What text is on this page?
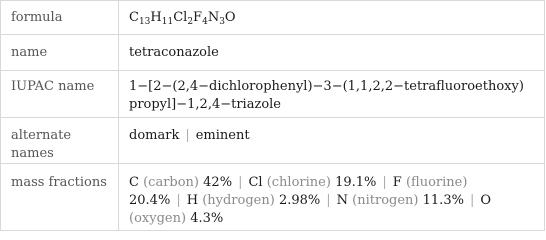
formula	$C_{13}H_{11}Cl_2F_4N_3O$
name	tetraconazole
IUPAC name	1−[2−(2,4−dichlorophenyl)−3−(1,1,2,2−tetrafluoroethoxy)
propyl]−1,2,4−triazole

alternate names	domark | eminent
mass fractions	C (carbon) 42% | Cl (chlorine) 19.1% | F (fluorine)
20.4% | H (hydrogen) 2.98% | N (nitrogen) 11.3% | O
(oxygen) 4.3%
